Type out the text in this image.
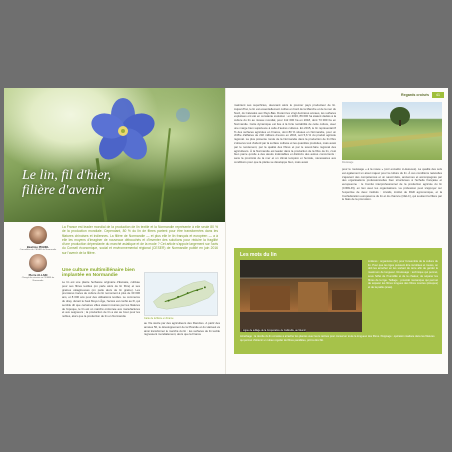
Le lin, fil d'hier,
filière d'avenir
Béatrice PIGNEL
Conseillère du CESER de Normandie
Pierre ALLAIN
Chargé de mission au CESER de Normandie
La France est leader mondial de la production de lin textile et la Normandie représente à elle seule 80 % de la production mondiale. Cependant, 80 % du lin de fibres partent pour être transformées dans les filatures chinoises et indiennes. La filière de Normandie — et plus elle le lin français et européen — a à elle les moyens d'imaginer de nouveaux débouchés et d'inventer des solutions pour réduire la fragilité d'une production dépendante du marché asiatique et de la mode ? Cet article s'appuie largement sur l'avis du Conseil économique, social et environnemental régional (CESER) de Normandie publié en juin 2016 sur l'avenir de la filière.
Une culture multimillénaire bien implantée en Normandie
Le lin est une plante herbacée originaire d'Eurasie, cultivée pour ses fibres textiles (on parle alors de lin fibre) et ses graines oléagineuses (on parle alors de lin graine). Les premières traces de culture du lin remontent à plus de 30 000 ans, et 8 000 ans pour des utilisations textiles. Le commerce du drap, durant le haut Moyen Âge, l'accès est confié au fil, qui semble dit que certaines villes étaient réunies par les filatures de l'époque, le lin est un marché ordonnée aux manufactures et aux seigneurs ; la production de lin a été au bout pour les nobles, alors que la production de lin en Normandie
Carte de la filière en France
au XIe siècle par des agriculteurs des Flandres. À partir des années 50, le développement de la Picardie et du Hainaut va ainsi transformer le marché du lin : les surfaces de lin textile régressent mondialement, alors que la France
Regards croisés	41
maintient ses superficies, devenant alors le premier pays producteur de lin. Aujourd'hui, le lin est essentiellement cultivé en bord de la Manche et de la mer du Nord, du Calvados aux Pays-Bas. Durant les vingt dernières années, les surfaces exploitées ont été en constante évolution : en 2016, 89 000 ha étaient dédiés à la culture du lin au niveau mondial, pour 112 000 ha en 2018, dont 73 000 ha en Normandie. Cette dynamique est liée à la forte rentabilité de cette culture, avec une marge bien supérieure à celle d'autres cultures. En 2015, le lin représentait 8 % des surfaces agricoles en France, dont 80 % situées en Normandie, pour un chiffre d'affaires de 232 millions d'euros en 2016, soit 5,6 % du produit agricole régional. La plus présente ronde de la Normandie dans la production de lin fibre s'observe tout d'abord par la surface cultivée et les quantités produites, mais aussi par le rendement, par la qualité des fibres et par le savoir-faire régional des agriculteurs. À la Normandie est leader dans la production de la fibre de lin, c'est bien parce qu'elle a des atouts indéniables et distincts des autres concurrents : sans la proximité de la mer et un climat tempéré et humide, nécessaires aux conditions pour que la plante se développe bien, mais aussi	Rouissage
pour le rouissage « à la rosée » (voir encadré ci-dessous). La qualité des sols est également un atout majeur pour la culture du lin. À ces conditions naturelles s'ajoutent des compétences et un savoir-faire, anciennes et accompagnés par des organisations professionnelles bien structurées à l'échelle française et européenne : le Comité interprofessionnel de la production agricole du lin (CIPALIN), en lien avec les organisations. La profession peut s'appuyer sur l'expertise de deux instituts : Arvalis, institut de R&D agronomique, et la Confédération européenne du lin et du chanvre (CELC), qui soutient la filière par le biais de la promotion.
Les mots du lin
Ligne de teillage de la Coopérative de Cailleville, au Mesnil
Linières : organisme (lin) pour l'ensemble de la culture du lin. Pour que les tiges puissent être récoltées et rouies, on doit les arracher en les sortant de terre afin de garder le maximum de longueur. Rouissage : technique qui permet, sous l'effet de l'humidité et de la chaleur, de séparer les fibres de la tige. Teillage : procédé mécanique qui permet de séparer les fibres longues des fibres courtes (étoupes) et de la paille (anas).
Arrachage : la récolte du lin consiste à arracher les plantes avec leurs racines pour conserver toute la longueur des fibres. Peignage : opération réalisée dans les filatures qui permet d'obtenir un ruban régulier de fibres parallèles, prêt à être filé.
